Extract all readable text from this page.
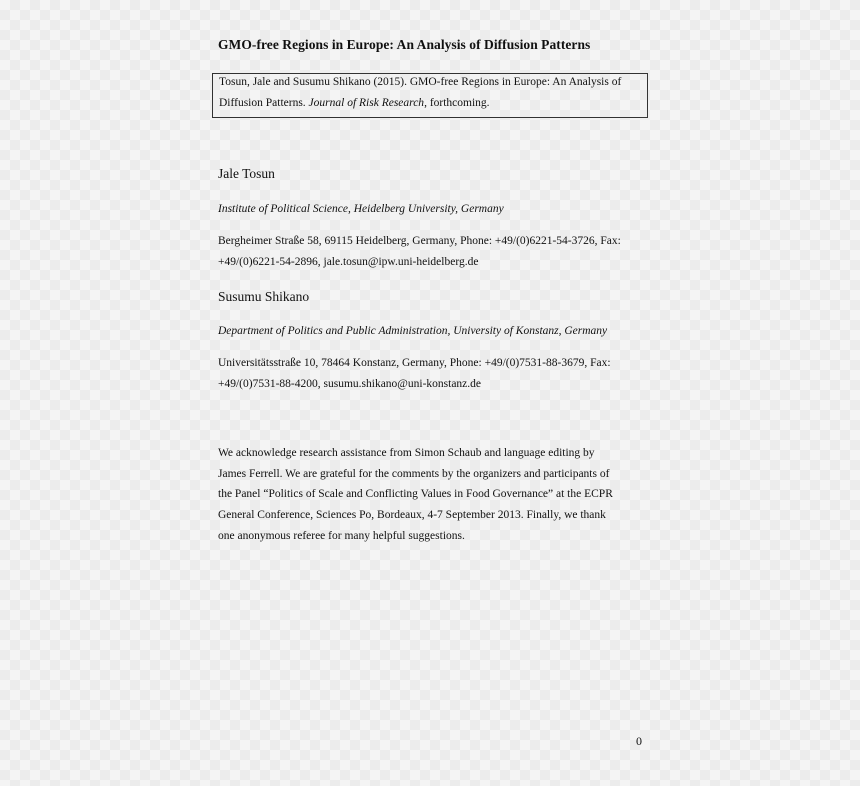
GMO-free Regions in Europe: An Analysis of Diffusion Patterns
Tosun, Jale and Susumu Shikano (2015). GMO-free Regions in Europe: An Analysis of
Diffusion Patterns. Journal of Risk Research, forthcoming.
Jale Tosun
Institute of Political Science, Heidelberg University, Germany
Bergheimer Straße 58, 69115 Heidelberg, Germany, Phone: +49/(0)6221-54-3726, Fax:
+49/(0)6221-54-2896, jale.tosun@ipw.uni-heidelberg.de
Susumu Shikano
Department of Politics and Public Administration, University of Konstanz, Germany
Universitätsstraße 10, 78464 Konstanz, Germany, Phone: +49/(0)7531-88-3679, Fax:
+49/(0)7531-88-4200, susumu.shikano@uni-konstanz.de
We acknowledge research assistance from Simon Schaub and language editing by
James Ferrell. We are grateful for the comments by the organizers and participants of
the Panel “Politics of Scale and Conflicting Values in Food Governance” at the ECPR
General Conference, Sciences Po, Bordeaux, 4-7 September 2013. Finally, we thank
one anonymous referee for many helpful suggestions.
0
